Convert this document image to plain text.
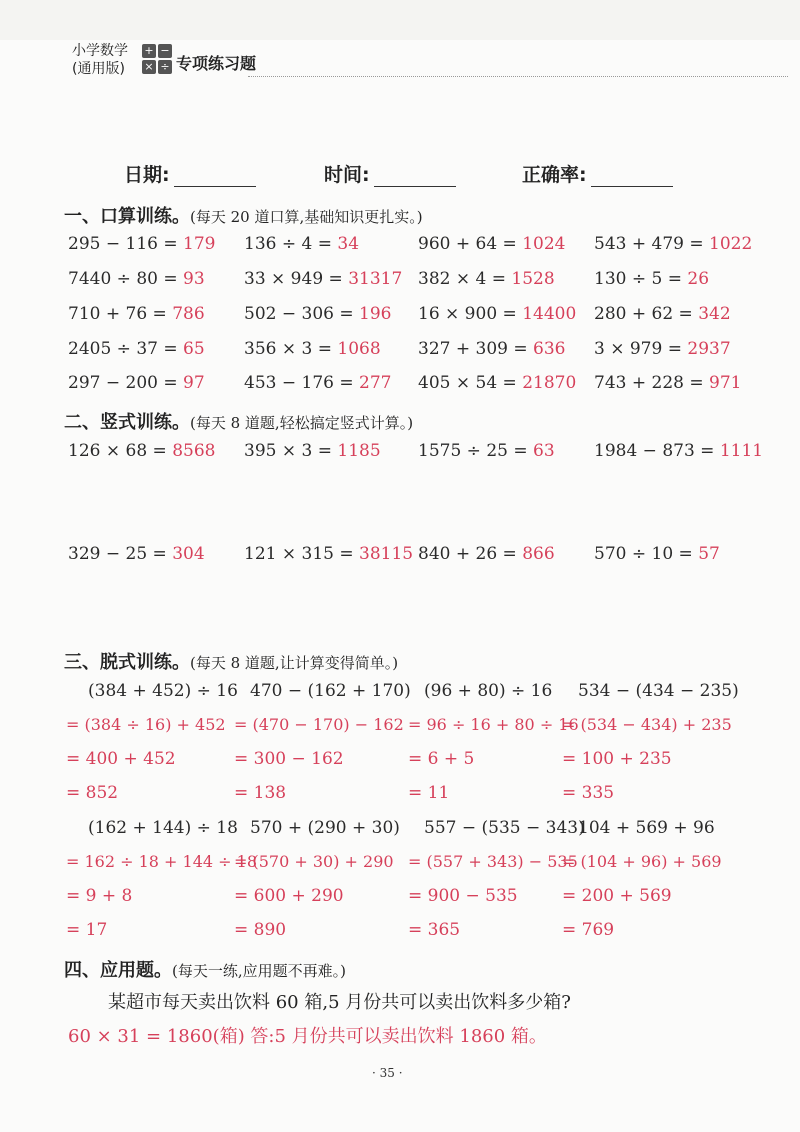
小学数学
(通用版)
+ −
× ÷ 专项练习题
日期:	时间:	正确率:
一、口算训练。(每天 20 道口算,基础知识更扎实。)
295 − 116 = 179 136 ÷ 4 = 34	960 + 64 = 1024 543 + 479 = 1022
7440 ÷ 80 = 93 33 × 949 = 31317 382 × 4 = 1528 130 ÷ 5 = 26
710 + 76 = 786 502 − 306 = 196 16 × 900 = 14400 280 + 62 = 342
2405 ÷ 37 = 65 356 × 3 = 1068 327 + 309 = 636 3 × 979 = 2937
297 − 200 = 97 453 − 176 = 277 405 × 54 = 21870 743 + 228 = 971
二、竖式训练。(每天 8 道题,轻松搞定竖式计算。)
126 × 68 = 8568 395 × 3 = 1185 1575 ÷ 25 = 63 1984 − 873 = 1111
329 − 25 = 304 121 × 315 = 38115 840 + 26 = 866 570 ÷ 10 = 57
三、脱式训练。(每天 8 道题,让计算变得简单。)
(384 + 452) ÷ 16
= (384 ÷ 16) + 452
= 400 + 452
= 852
470 − (162 + 170)
= (470 − 170) − 162
= 300 − 162
= 138
(96 + 80) ÷ 16
= 96 ÷ 16 + 80 ÷ 16
= 6 + 5
= 11
534 − (434 − 235)
= (534 − 434) + 235
= 100 + 235
= 335
(162 + 144) ÷ 18
= 162 ÷ 18 + 144 ÷ 18
= 9 + 8
= 17
570 + (290 + 30)
= (570 + 30) + 290
= 600 + 290
= 890
557 − (535 − 343)
= (557 + 343) − 535
= 900 − 535
= 365
104 + 569 + 96
= (104 + 96) + 569
= 200 + 569
= 769
四、应用题。(每天一练,应用题不再难。)
某超市每天卖出饮料 60 箱,5 月份共可以卖出饮料多少箱?
60 × 31 = 1860(箱) 答:5 月份共可以卖出饮料 1860 箱。
· 35 ·
